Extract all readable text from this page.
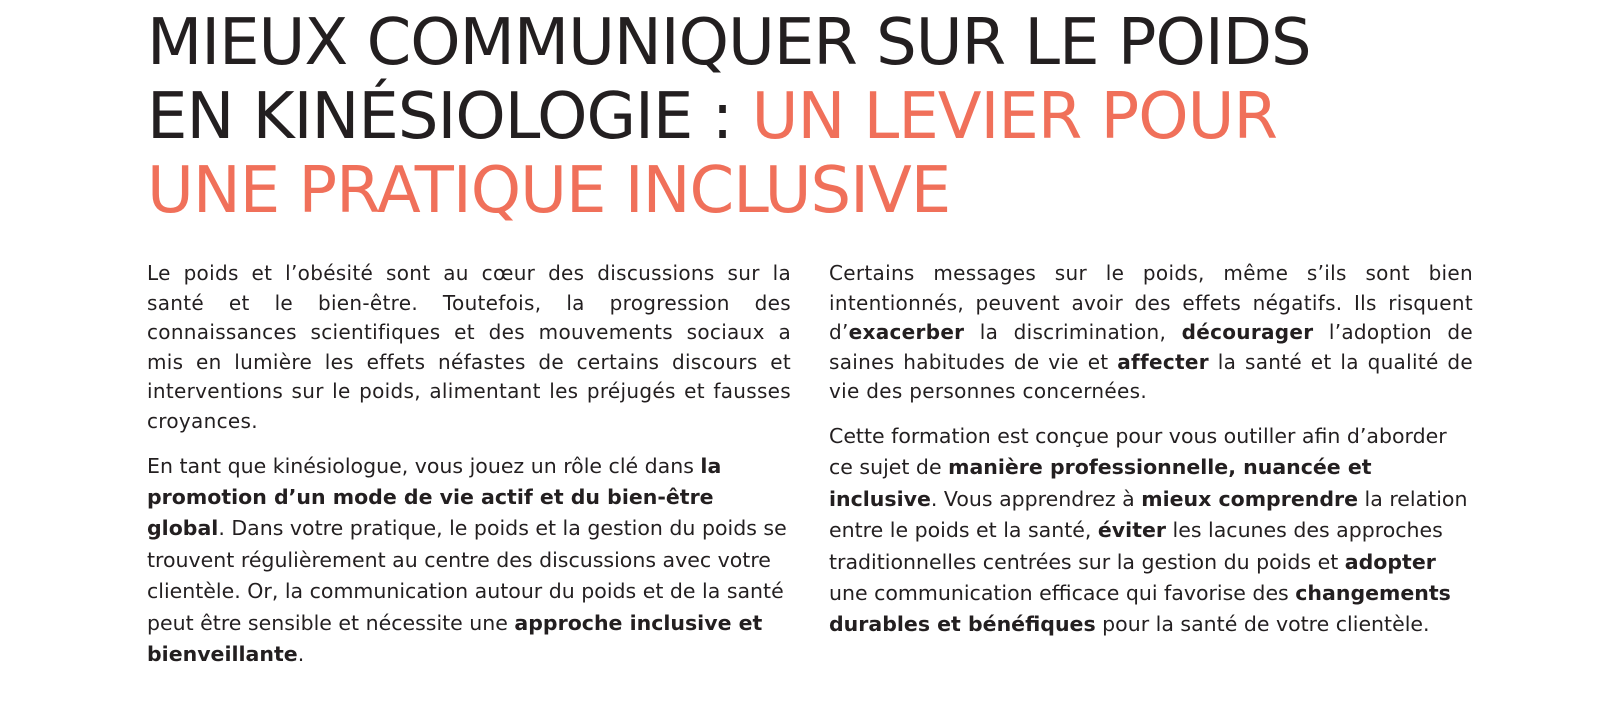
MIEUX COMMUNIQUER SUR LE POIDS
EN KINÉSIOLOGIE : UN LEVIER POUR
UNE PRATIQUE INCLUSIVE

Le poids et l’obésité sont au cœur des discussions sur la santé et le bien-être. Toutefois, la progression des connaissances scientifiques et des mouvements sociaux a mis en lumière les effets néfastes de certains discours et interventions sur le poids, alimentant les préjugés et fausses croyances.

En tant que kinésiologue, vous jouez un rôle clé dans la promotion d’un mode de vie actif et du bien-être global. Dans votre pratique, le poids et la gestion du poids se trouvent régulièrement au centre des discussions avec votre clientèle. Or, la communication autour du poids et de la santé peut être sensible et nécessite une approche inclusive et bienveillante.

Certains messages sur le poids, même s’ils sont bien intentionnés, peuvent avoir des effets négatifs. Ils risquent d’exacerber la discrimination, décourager l’adoption de saines habitudes de vie et affecter la santé et la qualité de vie des personnes concernées.

Cette formation est conçue pour vous outiller afin d’aborder ce sujet de manière professionnelle, nuancée et inclusive. Vous apprendrez à mieux comprendre la relation entre le poids et la santé, éviter les lacunes des approches traditionnelles centrées sur la gestion du poids et adopter une communication efficace qui favorise des changements durables et bénéfiques pour la santé de votre clientèle.
